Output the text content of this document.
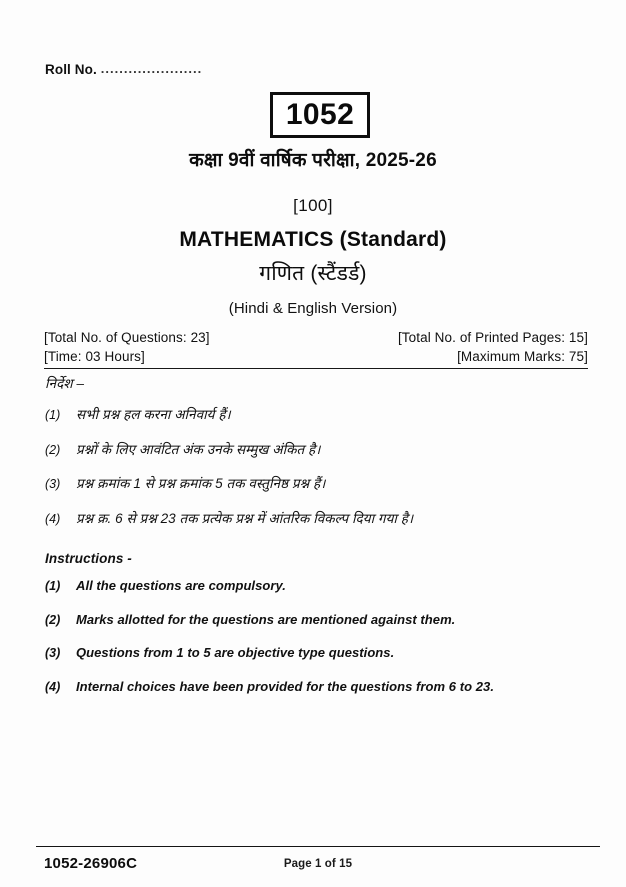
Roll No. ......................
1052
कक्षा 9वीं वार्षिक परीक्षा, 2025-26
[100]
MATHEMATICS (Standard)
गणित (स्टैंडर्ड)
(Hindi & English Version)
[Total No. of Questions: 23]	[Total No. of Printed Pages: 15]
[Time: 03 Hours]	[Maximum Marks: 75]
निर्देश –
(1)	सभी प्रश्न हल करना अनिवार्य हैं।
(2)	प्रश्नों के लिए आवंटित अंक उनके सम्मुख अंकित है।
(3)	प्रश्न क्रमांक 1 से प्रश्न क्रमांक 5 तक वस्तुनिष्ठ प्रश्न हैं।
(4)	प्रश्न क्र. 6 से प्रश्न 23 तक प्रत्येक प्रश्न में आंतरिक विकल्प दिया गया है।
Instructions -
(1)	All the questions are compulsory.
(2)	Marks allotted for the questions are mentioned against them.
(3)	Questions from 1 to 5 are objective type questions.
(4)	Internal choices have been provided for the questions from 6 to 23.
1052-26906C	Page 1 of 15
